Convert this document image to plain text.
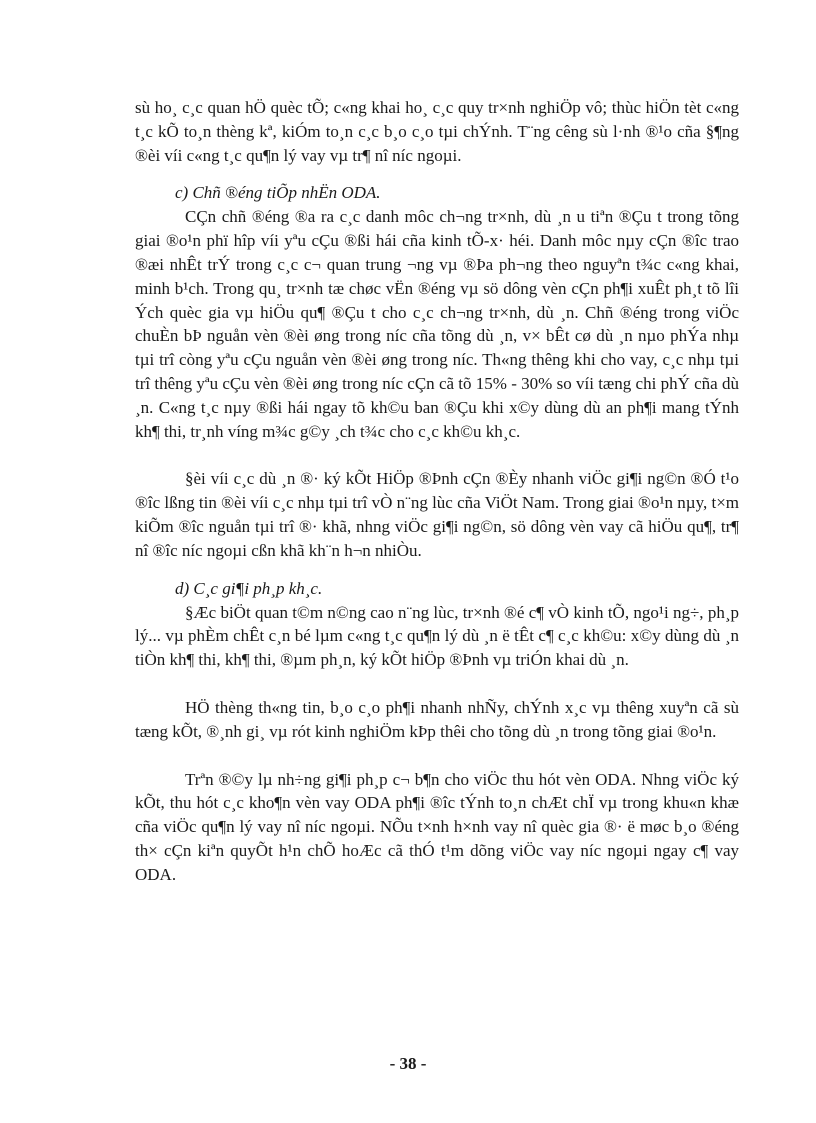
sù ho¸ c¸c quan hÖ quèc tÕ; c«ng khai ho¸ c¸c quy tr×nh nghiÖp vô; thùc hiÖn tèt c«ng t¸c kÕ to¸n thèng kª, kiÓm to¸n c¸c b¸o c¸o tµi chÝnh. T¨ng cêng sù l·nh ®¹o cña §¶ng ®èi víi c«ng t¸c qu¶n lý vay vµ tr¶ nî níc ngoµi.

c) Chñ ®éng tiÕp nhËn ODA.

CÇn chñ ®éng ®a ra c¸c danh môc ch¬ng tr×nh, dù ¸n u tiªn ®Çu t trong tõng giai ®o¹n phï hîp víi yªu cÇu ®ßi hái cña kinh tÕ-x· héi. Danh môc nµy cÇn ®îc trao ®æi nhÊt trÝ trong c¸c c¬ quan trung ¬ng vµ ®Þa ph¬ng theo nguyªn t¾c c«ng khai, minh b¹ch. Trong qu¸ tr×nh tæ chøc vËn ®éng vµ sö dông vèn cÇn ph¶i xuÊt ph¸t tõ lîi Ých quèc gia vµ hiÖu qu¶ ®Çu t cho c¸c ch¬ng tr×nh, dù ¸n. Chñ ®éng trong viÖc chuÈn bÞ nguån vèn ®èi øng trong níc cña tõng dù ¸n, v× bÊt cø dù ¸n nµo phÝa nhµ tµi trî còng yªu cÇu nguån vèn ®èi øng trong níc. Th«ng thêng khi cho vay, c¸c nhµ tµi trî thêng yªu cÇu vèn ®èi øng trong níc cÇn cã tõ 15% - 30% so víi tæng chi phÝ cña dù ¸n. C«ng t¸c nµy ®ßi hái ngay tõ kh©u ban ®Çu khi x©y dùng dù an ph¶i mang tÝnh kh¶ thi, tr¸nh víng m¾c g©y ¸ch t¾c cho c¸c kh©u kh¸c.

§èi víi c¸c dù ¸n ®· ký kÕt HiÖp ®Þnh cÇn ®Èy nhanh viÖc gi¶i ng©n ®Ó t¹o ®îc lßng tin ®èi víi c¸c nhµ tµi trî vÒ n¨ng lùc cña ViÖt Nam. Trong giai ®o¹n nµy, t×m kiÕm ®îc nguån tµi trî ®· khã, nhng viÖc gi¶i ng©n, sö dông vèn vay cã hiÖu qu¶, tr¶ nî ®îc níc ngoµi cßn khã kh¨n h¬n nhiÒu.

d) C¸c gi¶i ph¸p kh¸c.

§Æc biÖt quan t©m n©ng cao n¨ng lùc, tr×nh ®é c¶ vÒ kinh tÕ, ngo¹i ng÷, ph¸p lý... vµ phÈm chÊt c¸n bé lµm c«ng t¸c qu¶n lý dù ¸n ë tÊt c¶ c¸c kh©u: x©y dùng dù ¸n tiÒn kh¶ thi, kh¶ thi, ®µm ph¸n, ký kÕt hiÖp ®Þnh vµ triÓn khai dù ¸n.

HÖ thèng th«ng tin, b¸o c¸o ph¶i nhanh nhÑy, chÝnh x¸c vµ thêng xuyªn cã sù tæng kÕt, ®¸nh gi¸ vµ rót kinh nghiÖm kÞp thêi cho tõng dù ¸n trong tõng giai ®o¹n.

Trªn ®©y lµ nh÷ng gi¶i ph¸p c¬ b¶n cho viÖc thu hót vèn ODA. Nhng viÖc ký kÕt, thu hót c¸c kho¶n vèn vay ODA ph¶i ®îc tÝnh to¸n chÆt chÏ vµ trong khu«n khæ cña viÖc qu¶n lý vay nî níc ngoµi. NÕu t×nh h×nh vay nî quèc gia ®· ë møc b¸o ®éng th× cÇn kiªn quyÕt h¹n chÕ hoÆc cã thÓ t¹m dõng viÖc vay níc ngoµi ngay c¶ vay ODA.

- 38 -
